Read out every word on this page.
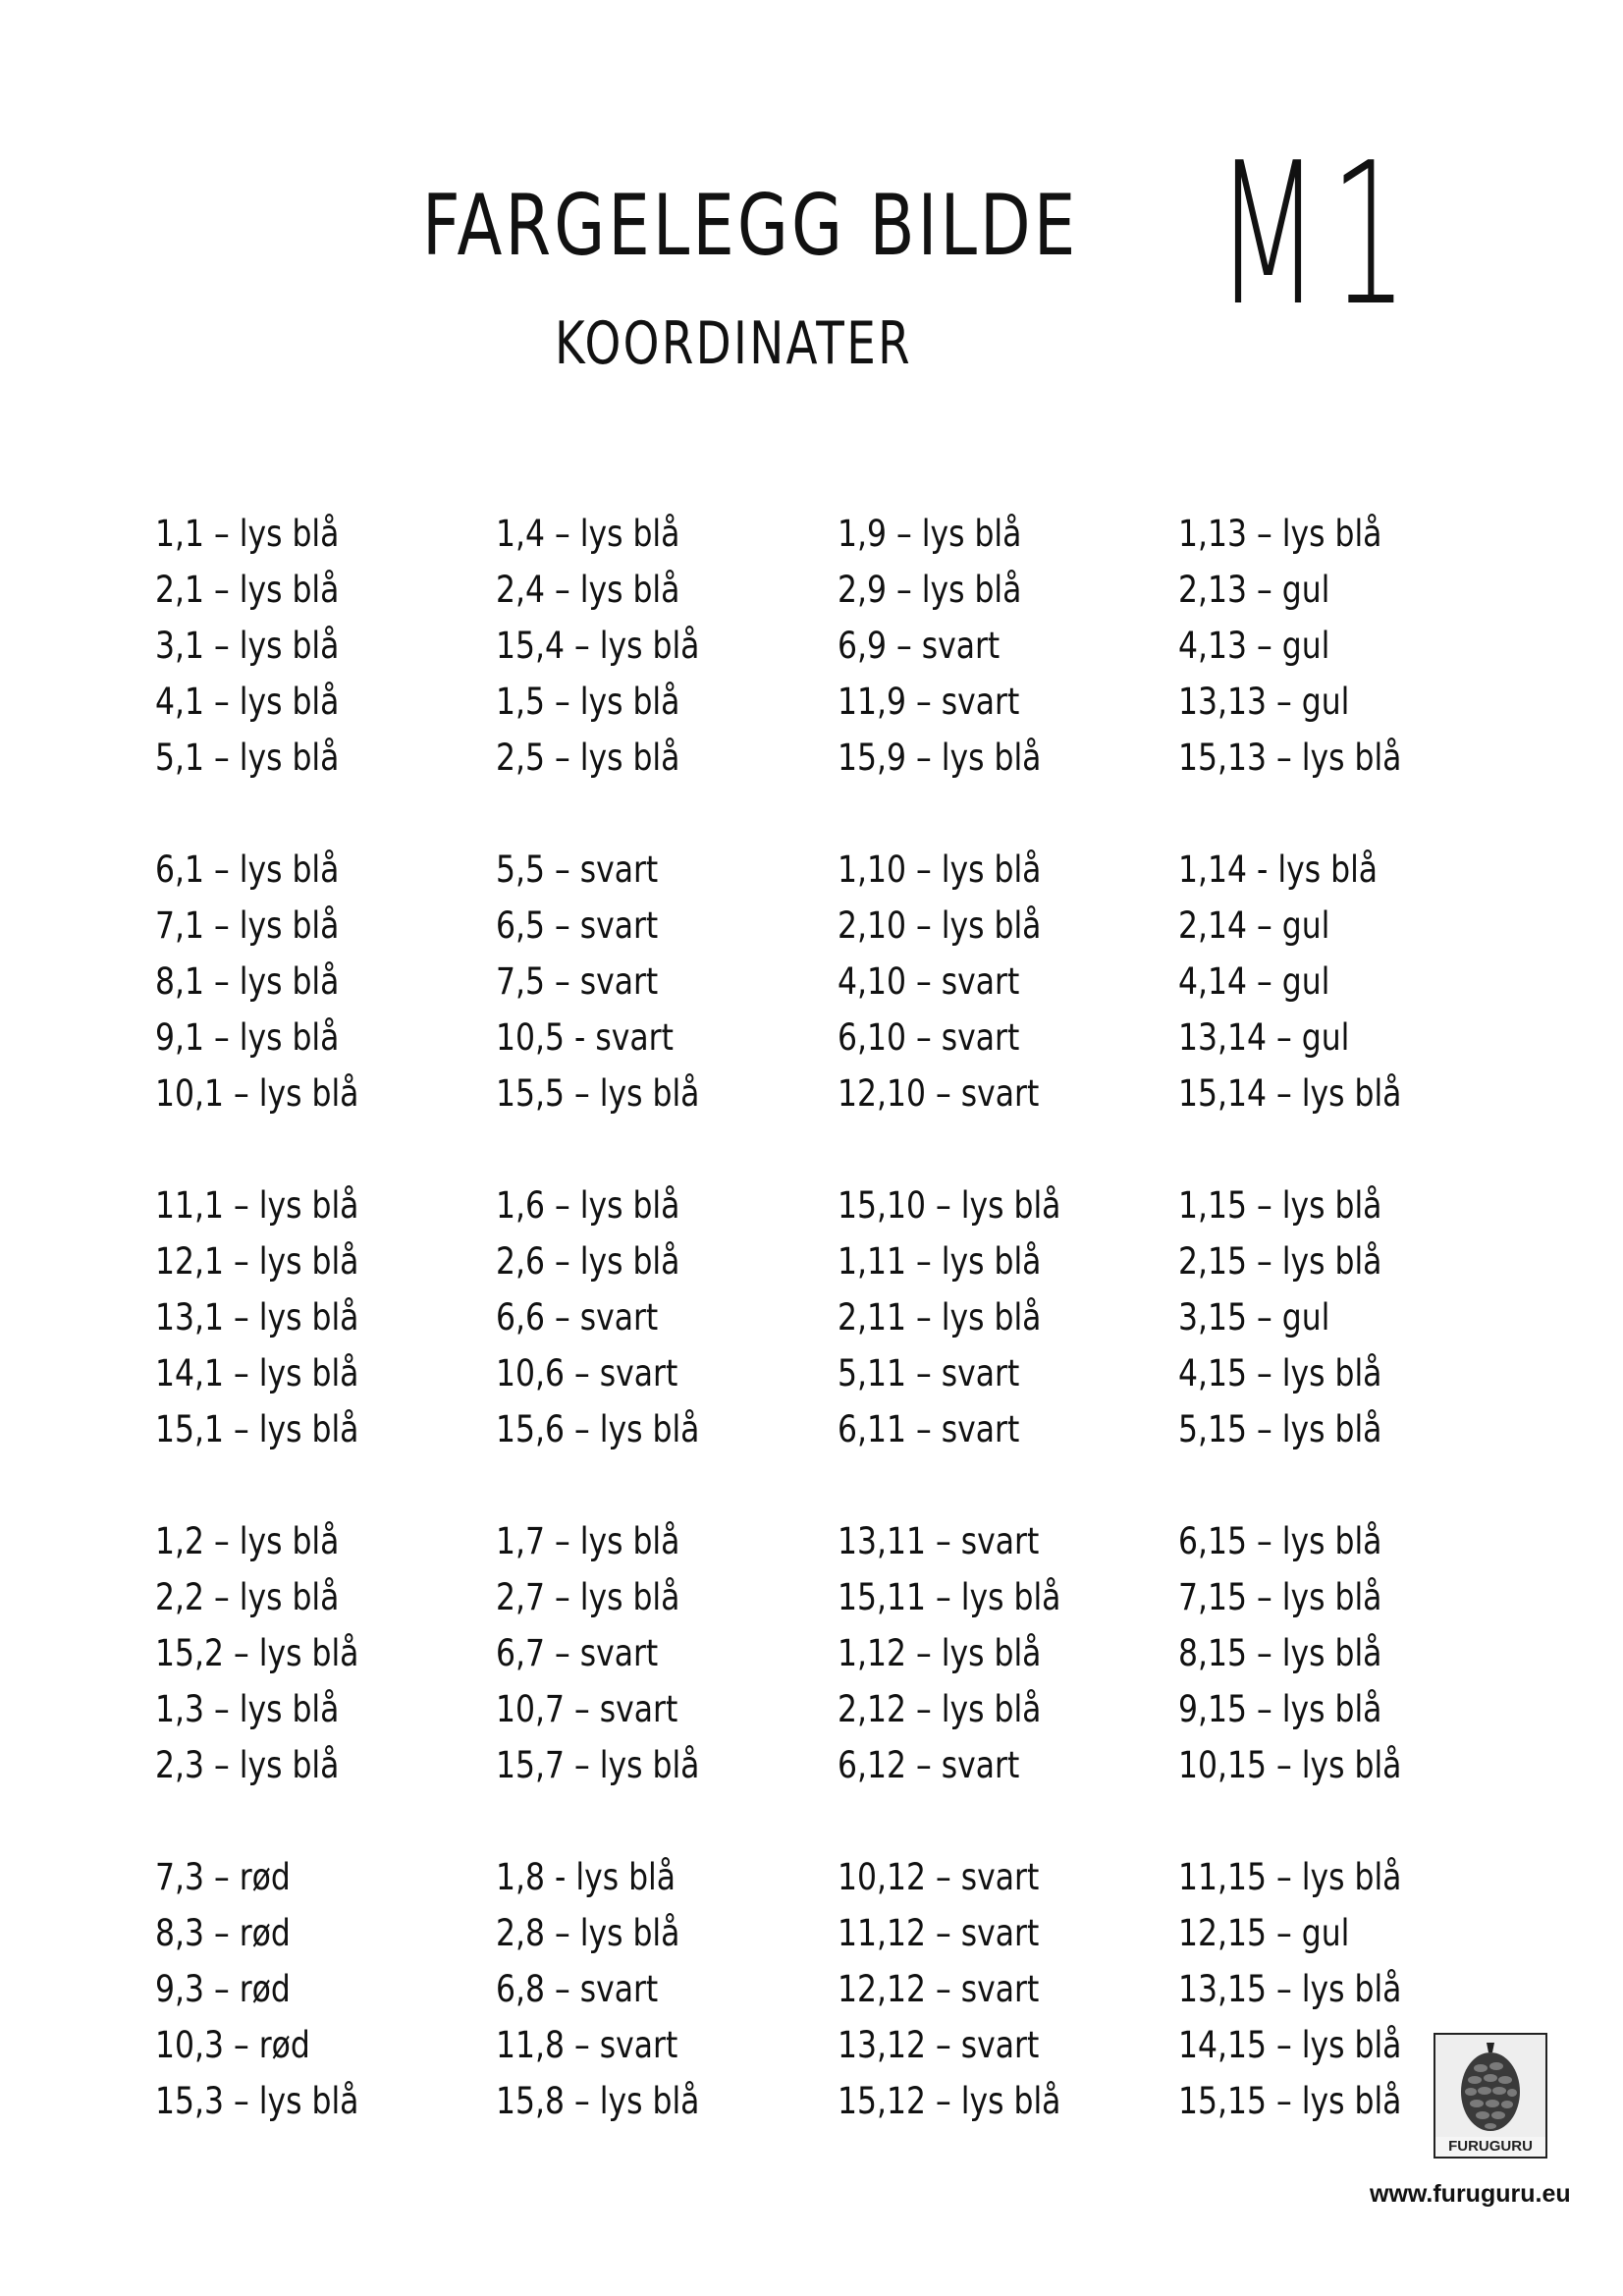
FARGELEGG BILDE
KOORDINATER M1
1,1 – lys blå
2,1 – lys blå
3,1 – lys blå
4,1 – lys blå
5,1 – lys blå
6,1 – lys blå
7,1 – lys blå
8,1 – lys blå
9,1 – lys blå
10,1 – lys blå
11,1 – lys blå
12,1 – lys blå
13,1 – lys blå
14,1 – lys blå
15,1 – lys blå
1,2 – lys blå
2,2 – lys blå
15,2 – lys blå
1,3 – lys blå
2,3 – lys blå
7,3 – rød
8,3 – rød
9,3 – rød
10,3 – rød
15,3 – lys blå
1,4 – lys blå
2,4 – lys blå
15,4 – lys blå
1,5 – lys blå
2,5 – lys blå
5,5 – svart
6,5 – svart
7,5 – svart
10,5 - svart
15,5 – lys blå
1,6 – lys blå
2,6 – lys blå
6,6 – svart
10,6 – svart
15,6 – lys blå
1,7 – lys blå
2,7 – lys blå
6,7 – svart
10,7 – svart
15,7 – lys blå
1,8 - lys blå
2,8 – lys blå
6,8 – svart
11,8 – svart
15,8 – lys blå
1,9 – lys blå
2,9 – lys blå
6,9 – svart
11,9 – svart
15,9 – lys blå
1,10 – lys blå
2,10 – lys blå
4,10 – svart
6,10 – svart
12,10 – svart
15,10 – lys blå
1,11 – lys blå
2,11 – lys blå
5,11 – svart
6,11 – svart
13,11 – svart
15,11 – lys blå
1,12 – lys blå
2,12 – lys blå
6,12 – svart
10,12 – svart
11,12 – svart
12,12 – svart
13,12 – svart
15,12 – lys blå
1,13 – lys blå
2,13 – gul
4,13 – gul
13,13 – gul
15,13 – lys blå
1,14 - lys blå
2,14 – gul
4,14 – gul
13,14 – gul
15,14 – lys blå
1,15 – lys blå
2,15 – lys blå
3,15 – gul
4,15 – lys blå
5,15 – lys blå
6,15 – lys blå
7,15 – lys blå
8,15 – lys blå
9,15 – lys blå
10,15 – lys blå
11,15 – lys blå
12,15 – gul
13,15 – lys blå
14,15 – lys blå
15,15 – lys blå
FURUGURU
www.furuguru.eu
